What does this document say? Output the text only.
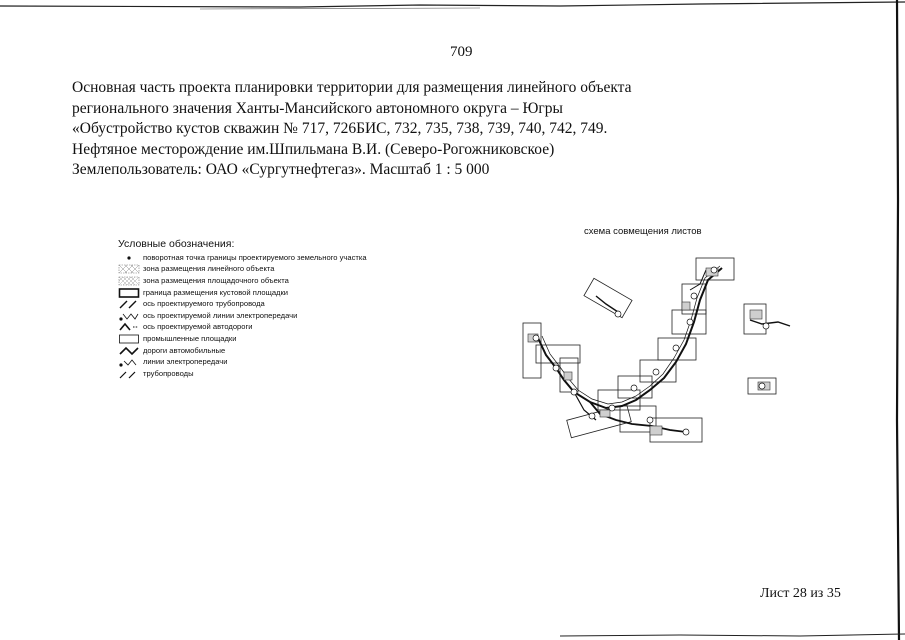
709
Основная часть проекта планировки территории для размещения линейного объекта
регионального значения Ханты-Мансийского автономного округа – Югры
«Обустройство кустов скважин № 717, 726БИС, 732, 735, 738, 739, 740, 742, 749.
Нефтяное месторождение им.Шпильмана В.И. (Северо-Рогожниковское)
Землепользователь: ОАО «Сургутнефтегаз». Масштаб 1 : 5 000
Условные обозначения:
поворотная точка границы проектируемого земельного участка
зона размещения линейного объекта
зона размещения площадочного объекта
граница размещения кустовой площадки
ось проектируемого трубопровода
ось проектируемой линии электропередачи
ось проектируемой автодороги
промышленные площадки
дороги автомобильные
линии электропередачи
трубопроводы
схема совмещения листов
Лист 28 из 35
